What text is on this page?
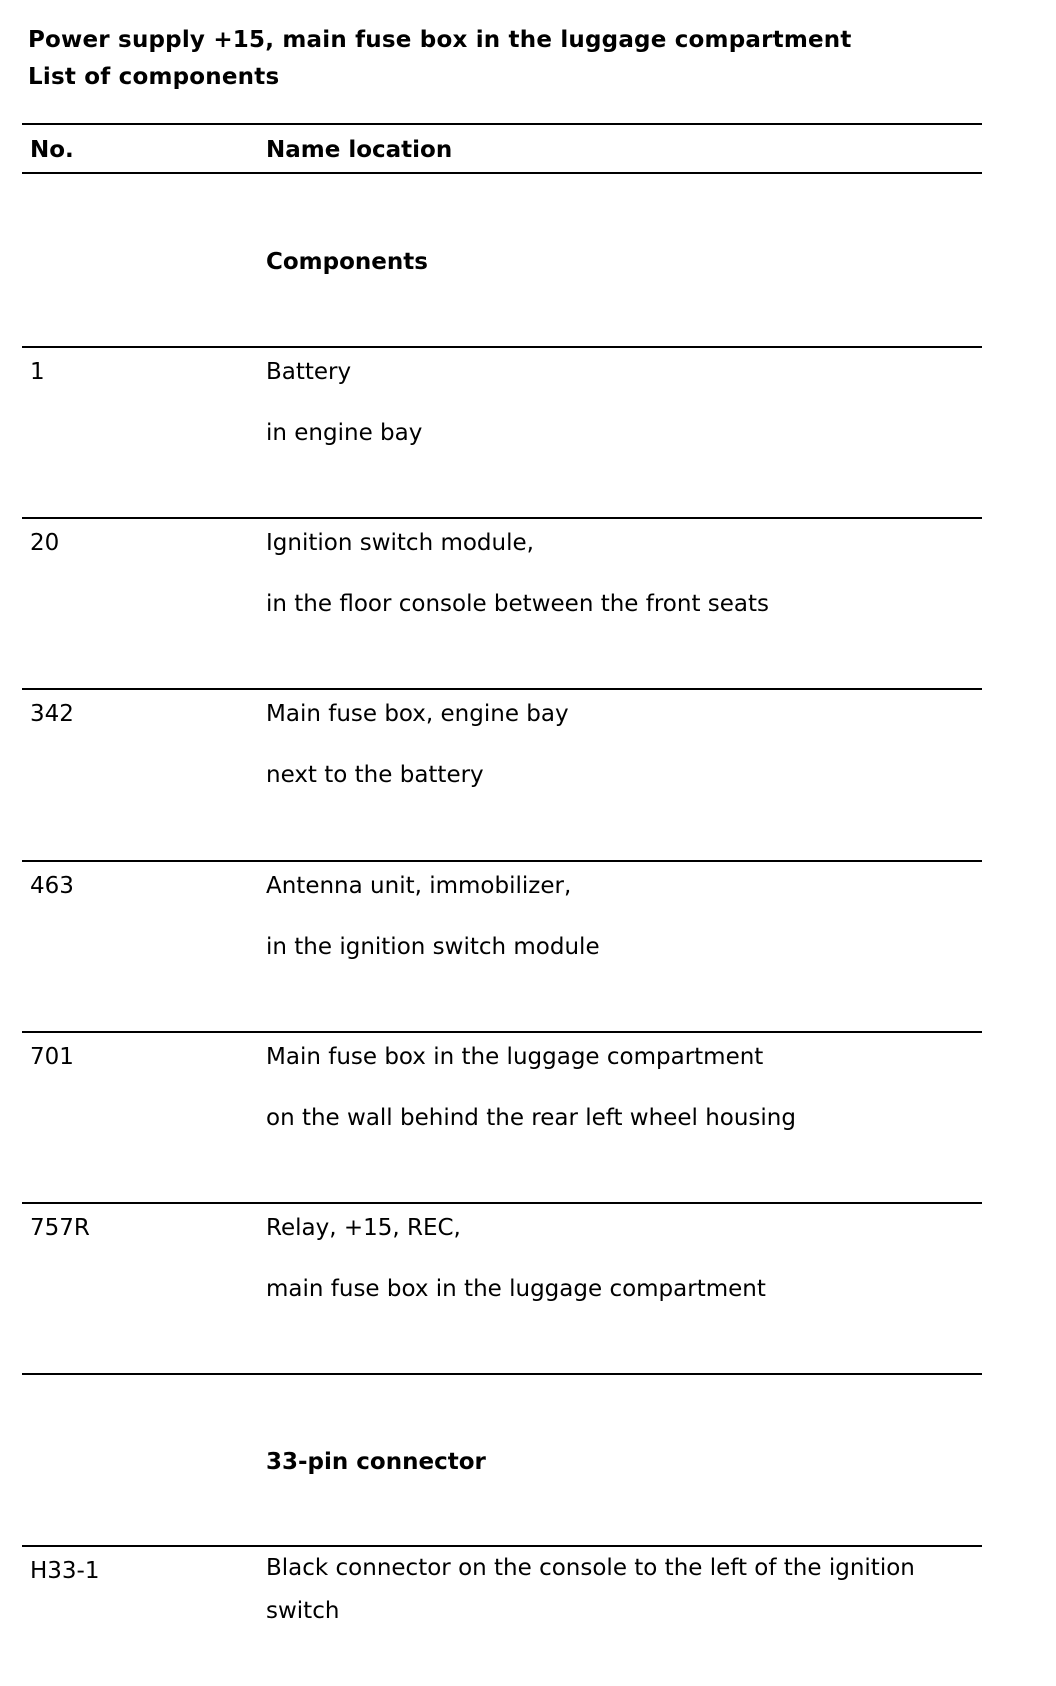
Power supply +15, main fuse box in the luggage compartment
List of components
No.	Name location
Components
1	Battery
in engine bay
20	Ignition switch module,
in the floor console between the front seats
342	Main fuse box, engine bay
next to the battery
463	Antenna unit, immobilizer,
in the ignition switch module
701	Main fuse box in the luggage compartment
on the wall behind the rear left wheel housing
757R	Relay, +15, REC,
main fuse box in the luggage compartment
33-pin connector
H33-1	Black connector on the console to the left of the ignition switch
